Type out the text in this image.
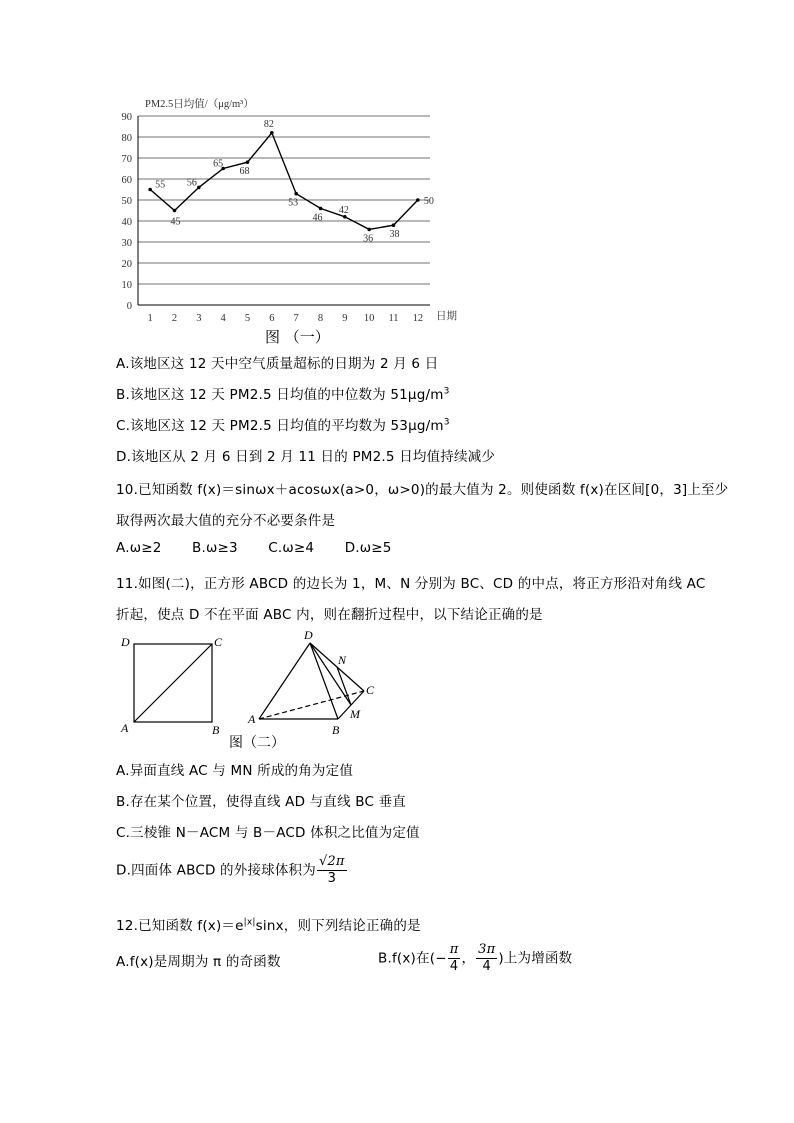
PM2.5日均值/（μg/m³）
0
10
20
30
40
50
60
70
80
90
1 2 3 4 5 6 7 8 9 10 11 12
55
45
56
65
68
82
53
46
42
36 38
50
日期
图 （一）
A.该地区这 12 天中空气质量超标的日期为 2 月 6 日
B.该地区这 12 天 PM2.5 日均值的中位数为 $51\mu g/m^3$
C.该地区这 12 天 PM2.5 日均值的平均数为 $53\mu g/m^3$
D.该地区从 2 月 6 日到 2 月 11 日的 PM2.5 日均值持续减少
10.已知函数 f(x)＝sinωx＋acosωx(a>0，ω>0)的最大值为 2。则使函数 f(x)在区间[0，3]上至少
取得两次最大值的充分不必要条件是
A.ω≥2 B.ω≥3 C.ω≥4 D.ω≥5
11.如图(二)，正方形 ABCD 的边长为 1，M、N 分别为 BC、CD 的中点，将正方形沿对角线 AC
折起，使点 D 不在平面 ABC 内，则在翻折过程中，以下结论正确的是
D	C
A	B
D
N
C
A
B
M
图（二）
A.异面直线 AC 与 MN 所成的角为定值
B.存在某个位置，使得直线 AD 与直线 BC 垂直
C.三棱锥 N－ACM 与 B－ACD 体积之比值为定值
D.四面体 ABCD 的外接球体积为 $\frac{√2\pi}{3}$
12.已知函数 $f(x)=e^{|x|}\sin x$，则下列结论正确的是
A.f(x)是周期为 π 的奇函数	B.f(x)在(− $\frac{\pi}{4}$ ， $\frac{3\pi}{4}$ )上为增函数
